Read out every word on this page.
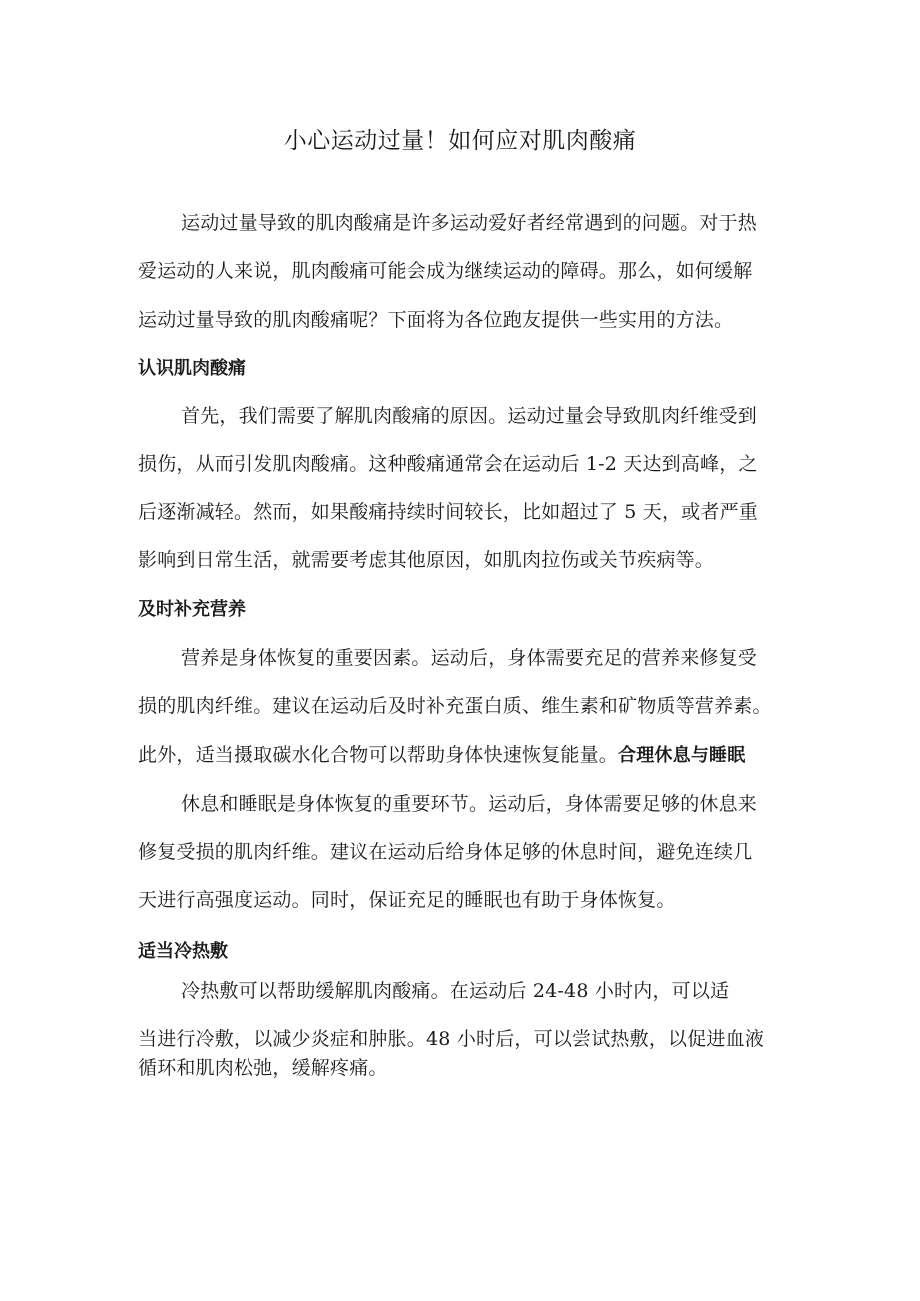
小心运动过量！如何应对肌肉酸痛
运动过量导致的肌肉酸痛是许多运动爱好者经常遇到的问题。对于热
爱运动的人来说，肌肉酸痛可能会成为继续运动的障碍。那么，如何缓解
运动过量导致的肌肉酸痛呢？下面将为各位跑友提供一些实用的方法。
认识肌肉酸痛
首先，我们需要了解肌肉酸痛的原因。运动过量会导致肌肉纤维受到
损伤，从而引发肌肉酸痛。这种酸痛通常会在运动后 1-2 天达到高峰，之
后逐渐减轻。然而，如果酸痛持续时间较长，比如超过了 5 天，或者严重
影响到日常生活，就需要考虑其他原因，如肌肉拉伤或关节疾病等。
及时补充营养
营养是身体恢复的重要因素。运动后，身体需要充足的营养来修复受
损的肌肉纤维。建议在运动后及时补充蛋白质、维生素和矿物质等营养素。
此外，适当摄取碳水化合物可以帮助身体快速恢复能量。合理休息与睡眠
休息和睡眠是身体恢复的重要环节。运动后，身体需要足够的休息来
修复受损的肌肉纤维。建议在运动后给身体足够的休息时间，避免连续几
天进行高强度运动。同时，保证充足的睡眠也有助于身体恢复。
适当冷热敷
冷热敷可以帮助缓解肌肉酸痛。在运动后 24-48 小时内，可以适
当进行冷敷，以减少炎症和肿胀。48 小时后，可以尝试热敷，以促进血液
循环和肌肉松弛，缓解疼痛。
